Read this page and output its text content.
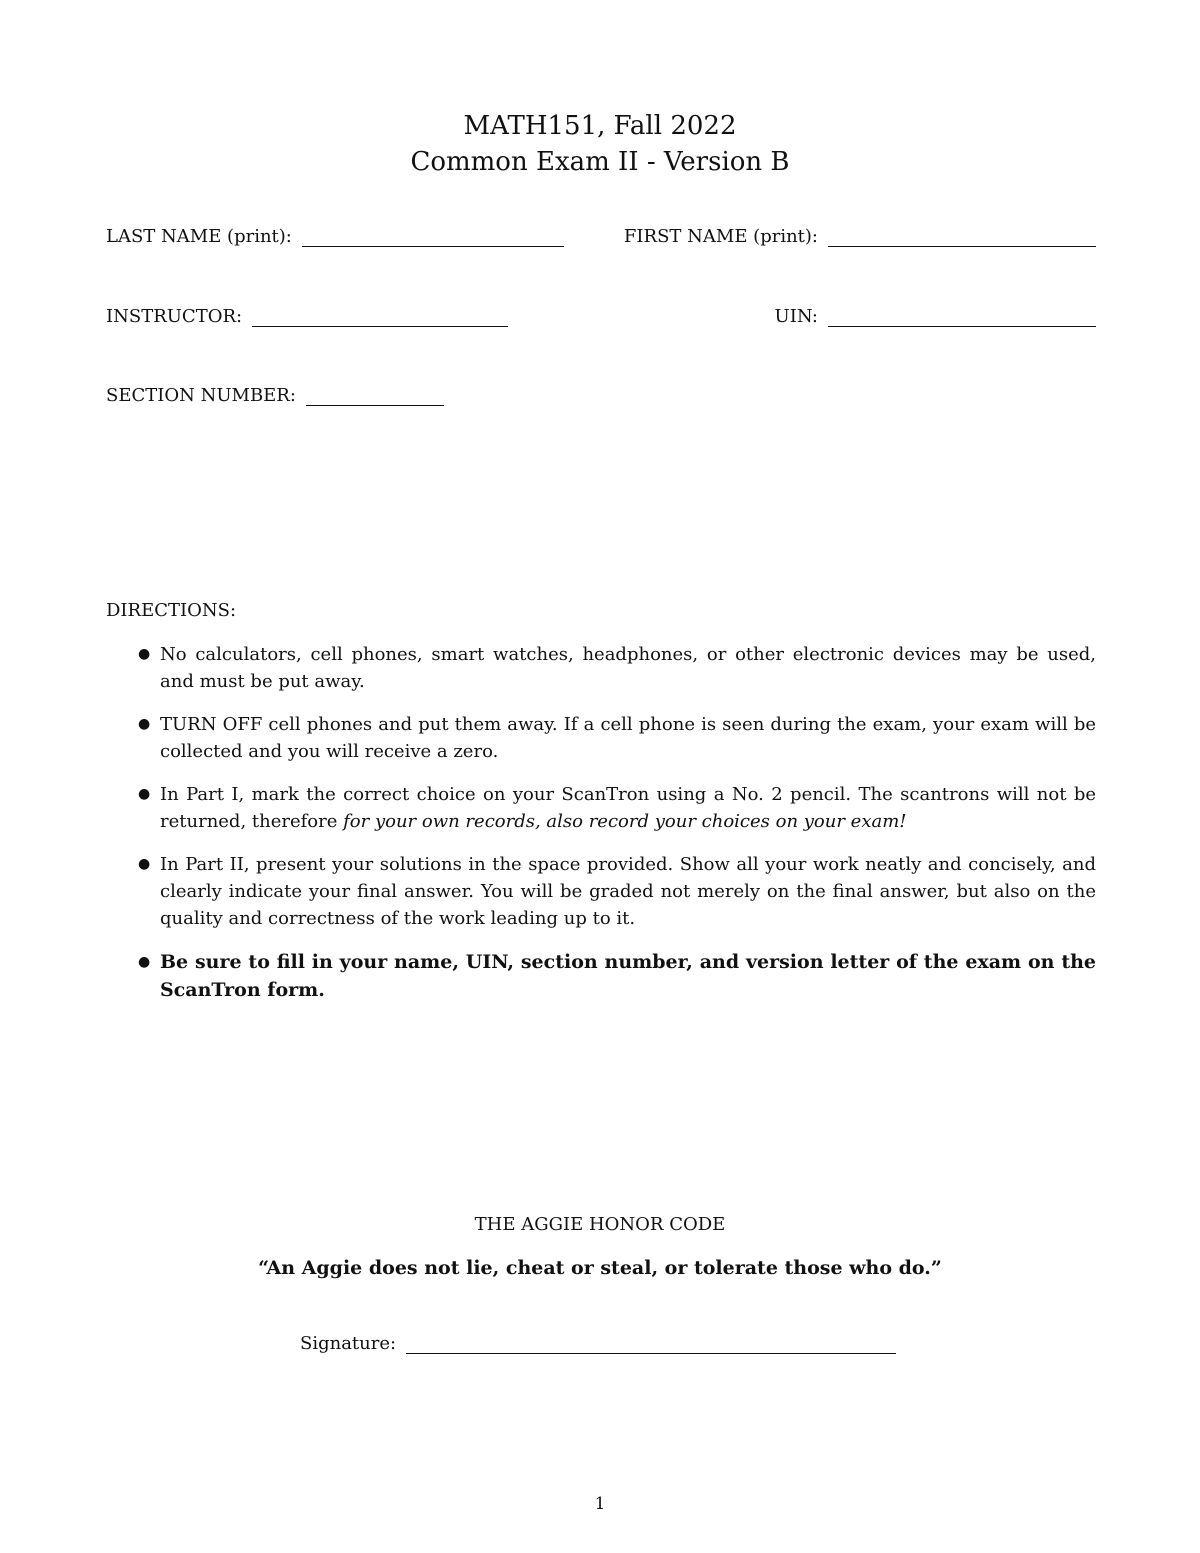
MATH151, Fall 2022
Common Exam II - Version B
LAST NAME (print):	FIRST NAME (print):
INSTRUCTOR:	UIN:
SECTION NUMBER:
DIRECTIONS:
● No calculators, cell phones, smart watches, headphones, or other electronic devices may be used, and must be put away.
● TURN OFF cell phones and put them away. If a cell phone is seen during the exam, your exam will be collected and you will receive a zero.
● In Part I, mark the correct choice on your ScanTron using a No. 2 pencil. The scantrons will not be returned, therefore for your own records, also record your choices on your exam!
● In Part II, present your solutions in the space provided. Show all your work neatly and concisely, and clearly indicate your final answer. You will be graded not merely on the final answer, but also on the quality and correctness of the work leading up to it.
● Be sure to fill in your name, UIN, section number, and version letter of the exam on the ScanTron form.
THE AGGIE HONOR CODE
“An Aggie does not lie, cheat or steal, or tolerate those who do.”
Signature:
1
